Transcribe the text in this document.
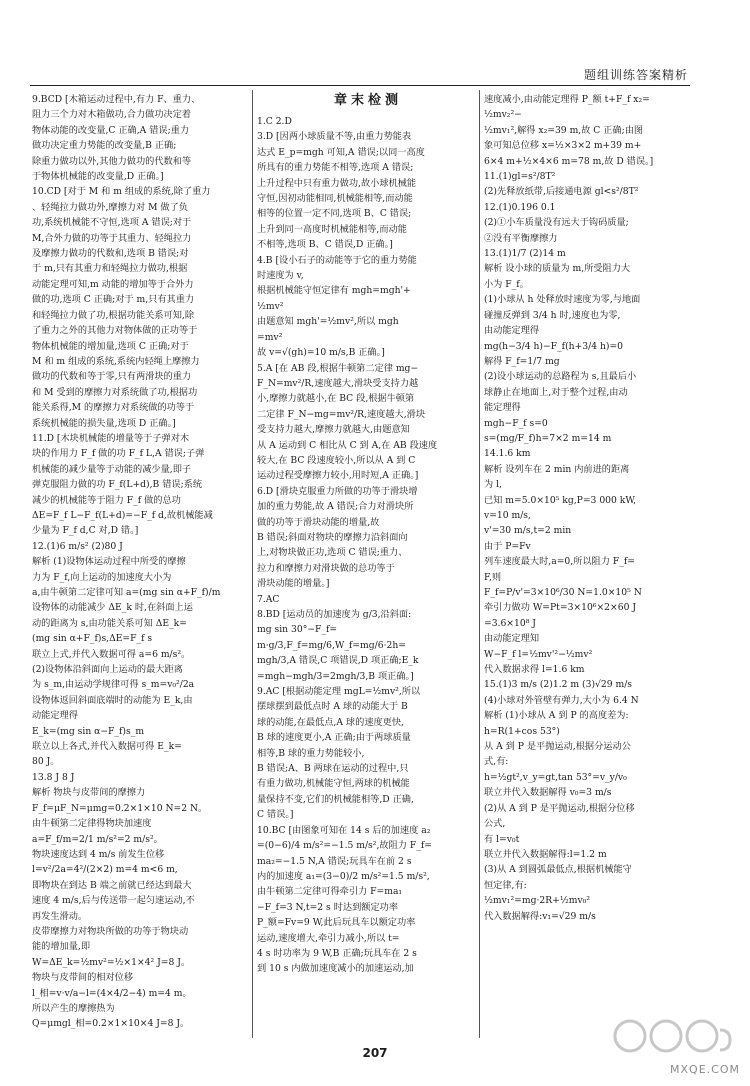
题组训练答案精析
9.BCD [木箱运动过程中,有力 F、重力、
阻力三个力对木箱做功,合力做功决定着
物体动能的改变量,C 正确,A 错误;重力
做功决定重力势能的改变量,B 正确;
除重力做功以外,其他力做功的代数和等
于物体机械能的改变量,D 正确。]
10.CD [对于 M 和 m 组成的系统,除了重力
、轻绳拉力做功外,摩擦力对 M 做了负
功,系统机械能不守恒,选项 A 错误;对于
M,合外力做的功等于其重力、轻绳拉力
及摩擦力做功的代数和,选项 B 错误;对
于 m,只有其重力和轻绳拉力做功,根据
动能定理可知,m 动能的增加等于合外力
做的功,选项 C 正确;对于 m,只有其重力
和轻绳拉力做了功,根据功能关系可知,除
了重力之外的其他力对物体做的正功等于
物体机械能的增加量,选项 C 正确;对于
M 和 m 组成的系统,系统内轻绳上摩擦力
做功的代数和等于零,只有两滑块的重力
和 M 受到的摩擦力对系统做了功,根据功
能关系得,M 的摩擦力对系统做的功等于
系统机械能的损失量,选项 D 正确。]
11.D [木块机械能的增量等于子弹对木
块的作用力 F_f 做的功 F_f L,A 错误;子弹
机械能的减少量等于动能的减少量,即子
弹克服阻力做的功 F_f(L+d),B 错误;系统
减少的机械能等于阻力 F_f 做的总功
ΔE=F_f L−F_f(L+d)=−F_f d,故机械能减
少量为 F_f d,C 对,D 错。]
12.(1)6 m/s² (2)80 J
解析 (1)设物体运动过程中所受的摩擦
力为 F_f,向上运动的加速度大小为
a,由牛顿第二定律可知 a=(mg sin α+F_f)/m
设物体的动能减少 ΔE_k 时,在斜面上运
动的距离为 s,由功能关系可知 ΔE_k=
(mg sin α+F_f)s,ΔE=F_f s
联立上式,并代入数据可得 a=6 m/s²。
(2)设物体沿斜面向上运动的最大距离
为 s_m,由运动学规律可得 s_m=v₀²/2a
设物体返回斜面底端时的动能为 E_k,由
动能定理得
E_k=(mg sin α−F_f)s_m
联立以上各式,并代入数据可得 E_k=
80 J。
13.8 J 8 J
解析 物块与皮带间的摩擦力
F_f=μF_N=μmg=0.2×1×10 N=2 N。
由牛顿第二定律得物块加速度
a=F_f/m=2/1 m/s²=2 m/s²。
物块速度达到 4 m/s 前发生位移
l=v²/2a=4²/(2×2) m=4 m<6 m,
即物块在到达 B 端之前就已经达到最大
速度 4 m/s,后与传送带一起匀速运动,不
再发生滑动。
皮带摩擦力对物块所做的功等于物块动
能的增加量,即
W=ΔE_k=½mv²=½×1×4² J=8 J。
物块与皮带间的相对位移
l_相=v·v/a−l=(4×4/2−4) m=4 m。
所以产生的摩擦热为
Q=μmgl_相=0.2×1×10×4 J=8 J。
章末检测
1.C 2.D
3.D [因两小球质量不等,由重力势能表
达式 E_p=mgh 可知,A 错误;以同一高度
所具有的重力势能不相等,选项 A 错误;
上升过程中只有重力做功,故小球机械能
守恒,因初动能相同,机械能相等,而动能
相等的位置一定不同,选项 B、C 错误;
上升到同一高度时机械能相等,而动能
不相等,选项 B、C 错误,D 正确。]
4.B [设小石子的动能等于它的重力势能
时速度为 v,
根据机械能守恒定律有 mgh=mgh'+
½mv²
由题意知 mgh'=½mv²,所以 mgh
=mv²
故 v=√(gh)=10 m/s,B 正确。]
5.A [在 AB 段,根据牛顿第二定律 mg−
F_N=mv²/R,速度越大,滑块受支持力越
小,摩擦力就越小,在 BC 段,根据牛顿第
二定律 F_N−mg=mv²/R,速度越大,滑块
受支持力越大,摩擦力就越大,由题意知
从 A 运动到 C 相比从 C 到 A,在 AB 段速度
较大,在 BC 段速度较小,所以从 A 到 C
运动过程受摩擦力较小,用时短,A 正确。]
6.D [滑块克服重力所做的功等于滑块增
加的重力势能,故 A 错误;合力对滑块所
做的功等于滑块动能的增量,故
B 错误;斜面对物块的摩擦力沿斜面向
上,对物块做正功,选项 C 错误;重力、
拉力和摩擦力对滑块做的总功等于
滑块动能的增量。]
7.AC
8.BD [运动员的加速度为 g/3,沿斜面:
mg sin 30°−F_f=
m·g/3,F_f=mg/6,W_f=mg/6·2h=
mgh/3,A 错误,C 项错误,D 项正确;E_k
=mgh−mgh/3=2mgh/3,B 项正确。]
9.AC [根据动能定理 mgL=½mv²,所以
摆球摆到最低点时 A 球的动能大于 B
球的动能,在最低点,A 球的速度更快,
B 球的速度更小,A 正确;由于两球质量
相等,B 球的重力势能较小,
B 错误;A、B 两球在运动的过程中,只
有重力做功,机械能守恒,两球的机械能
量保持不变,它们的机械能相等,D 正确,
C 错误。]
10.BC [由图象可知在 14 s 后的加速度 a₂
=(0−6)/4 m/s²=−1.5 m/s²,故阻力 F_f=
ma₂=−1.5 N,A 错误;玩具车在前 2 s
内的加速度 a₁=(3−0)/2 m/s²=1.5 m/s²,
由牛顿第二定律可得牵引力 F=ma₁
−F_f=3 N,t=2 s 时达到额定功率
P_额=Fv=9 W,此后玩具车以额定功率
运动,速度增大,牵引力减小,所以 t=
4 s 时功率为 9 W,B 正确;玩具车在 2 s
到 10 s 内做加速度减小的加速运动,加
速度减小,由动能定理得 P_额 t+F_f x₂=
½mv₂²−
½mv₁²,解得 x₂=39 m,故 C 正确;由图
象可知总位移 x=½×3×2 m+39 m+
6×4 m+½×4×6 m=78 m,故 D 错误。]
11.(1)gl=s²/8T²
(2)先释放纸带,后接通电源 gl<s²/8T²
12.(1)0.196 0.1
(2)①小车质量没有远大于钩码质量;
②没有平衡摩擦力
13.(1)1/7 (2)14 m
解析 设小球的质量为 m,所受阻力大
小为 F_f。
(1)小球从 h 处释放时速度为零,与地面
碰撞反弹到 3/4 h 时,速度也为零,
由动能定理得
mg(h−3/4 h)−F_f(h+3/4 h)=0
解得 F_f=1/7 mg
(2)设小球运动的总路程为 s,且最后小
球静止在地面上,对于整个过程,由动
能定理得
mgh−F_f s=0
s=(mg/F_f)h=7×2 m=14 m
14.1.6 km
解析 设列车在 2 min 内前进的距离
为 l,
已知 m=5.0×10⁵ kg,P=3 000 kW,
v=10 m/s,
v'=30 m/s,t=2 min
由于 P=Fv
列车速度最大时,a=0,所以阻力 F_f=
F,则
F_f=P/v'=3×10⁶/30 N=1.0×10⁵ N
牵引力做功 W=Pt=3×10⁶×2×60 J
=3.6×10⁸ J
由动能定理知
W−F_f l=½mv'²−½mv²
代入数据求得 l=1.6 km
15.(1)3 m/s (2)1.2 m (3)√29 m/s
(4)小球对外管壁有弹力,大小为 6.4 N
解析 (1)小球从 A 到 P 的高度差为:
h=R(1+cos 53°)
从 A 到 P 是平抛运动,根据分运动公
式,有:
h=½gt²,v_y=gt,tan 53°=v_y/v₀
联立并代入数据解得 v₀=3 m/s
(2)从 A 到 P 是平抛运动,根据分位移
公式,
有 l=v₀t
联立并代入数据解得:l=1.2 m
(3)从 A 到圆弧最低点,根据机械能守
恒定律,有:
½mv₁²=mg·2R+½mv₀²
代入数据解得:v₁=√29 m/s
207
MXQE.COM
